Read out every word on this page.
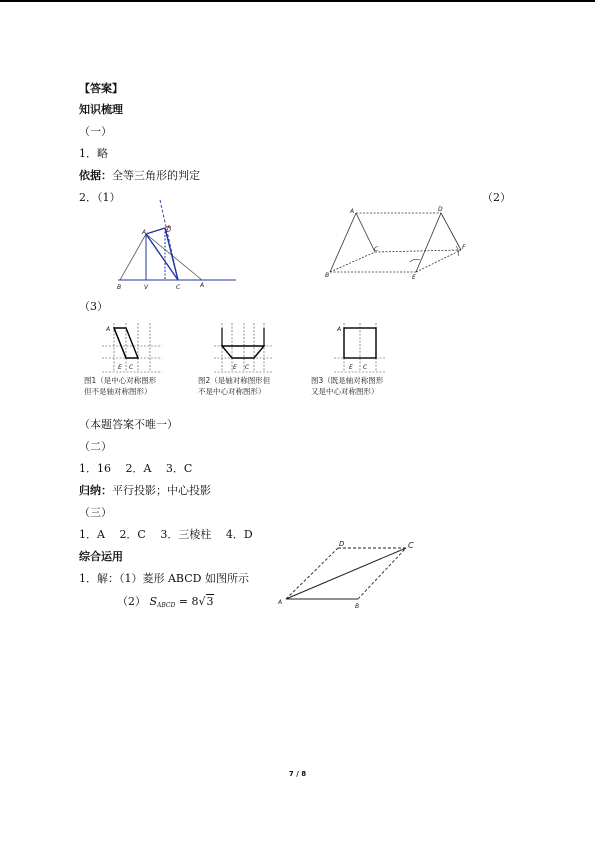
【答案】
知识梳理
（一）
1．略
依据：全等三角形的判定
2．（1）	（2）
P
A
B	V	C	A
A	D
C	F
B	E
（3）
A
E C
图1（是中心对称图形
但不是轴对称图形）
E C
图2（是轴对称图形但
不是中心对称图形）
A
E C
图3（既是轴对称图形
又是中心对称图形）
（本题答案不唯一）
（二）
1．16　 2．A　 3．C
归纳：平行投影；中心投影
（三）
1．A　 2．C　 3．三棱柱　 4．D
综合运用
1．解：（1）菱形 ABCD 如图所示
（2） $S_{ABCD} = 8√3$	A
B
C
D
7 / 8
